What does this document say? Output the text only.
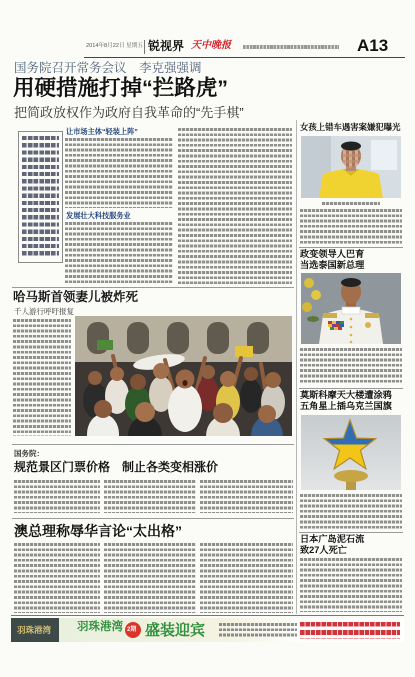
2014年8月22日 星期五 锐视界 天中晚报	A13
国务院召开常务会议　李克强强调
用硬措施打掉“拦路虎”
把简政放权作为政府自我革命的“先手棋”
让市场主体“轻装上阵”
发展壮大科技服务业
哈马斯首领妻儿被炸死
千人游行呼吁报复
国务院：
规范景区门票价格　制止各类变相涨价
澳总理称辱华言论“太出格”
女孩上错车遇害案嫌犯曝光
政变领导人巴育
当选泰国新总理
莫斯科摩天大楼遭涂鸦
五角星上插乌克兰国旗
日本广岛泥石流
致27人死亡
羽珠港湾 羽珠港湾 2期 盛装迎宾
